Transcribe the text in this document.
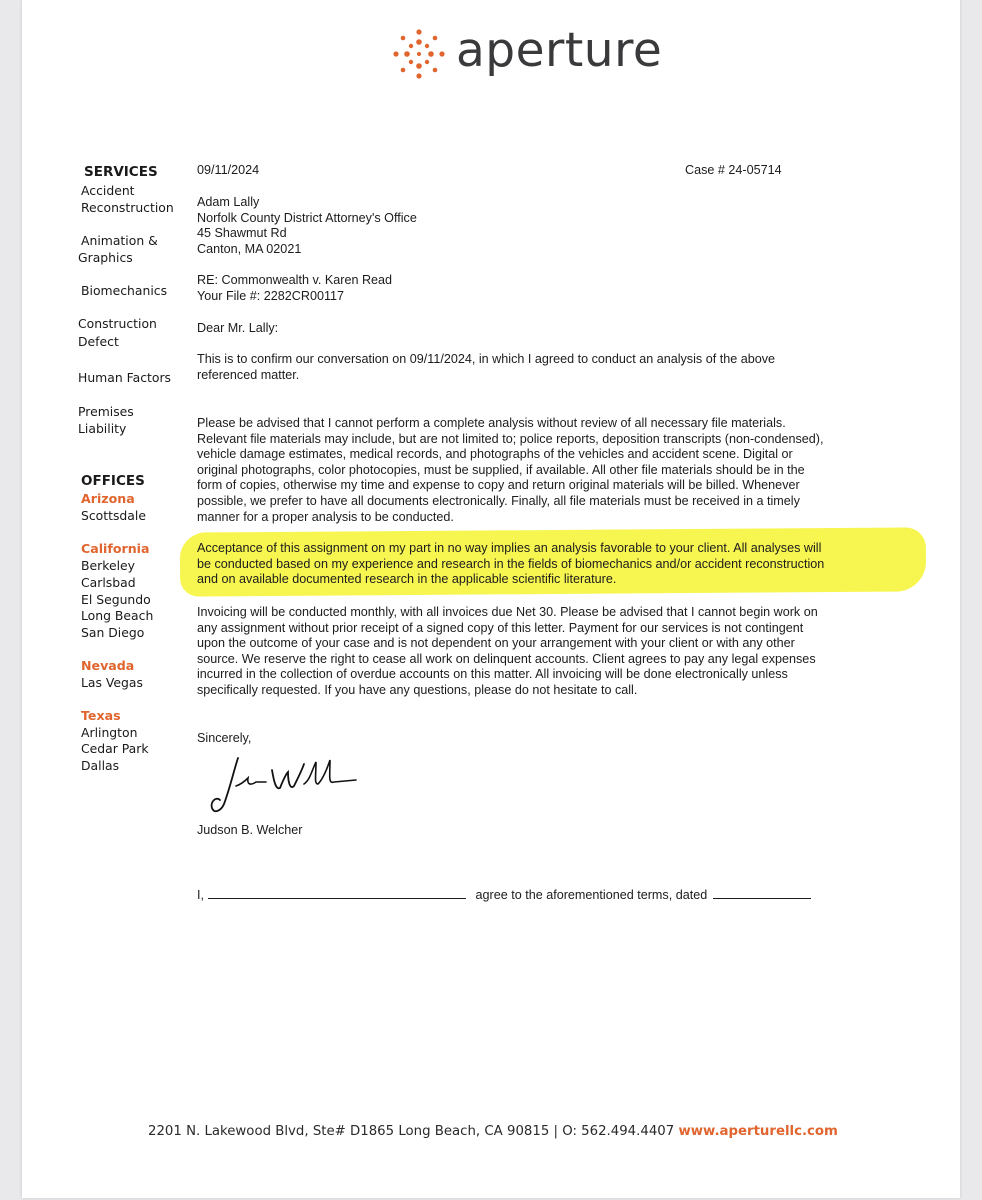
aperture
SERVICES
Accident
Reconstruction
Animation &
Graphics
Biomechanics
Construction
Defect
Human Factors
Premises
Liability
OFFICES
Arizona
Scottsdale
California
Berkeley
Carlsbad
El Segundo
Long Beach
San Diego
Nevada
Las Vegas
Texas
Arlington
Cedar Park
Dallas
09/11/2024	Case # 24-05714
Adam Lally
Norfolk County District Attorney's Office
45 Shawmut Rd
Canton, MA 02021
RE: Commonwealth v. Karen Read
Your File #: 2282CR00117
Dear Mr. Lally:
This is to confirm our conversation on 09/11/2024, in which I agreed to conduct an analysis of the above
referenced matter.
Please be advised that I cannot perform a complete analysis without review of all necessary file materials.
Relevant file materials may include, but are not limited to; police reports, deposition transcripts (non-condensed),
vehicle damage estimates, medical records, and photographs of the vehicles and accident scene. Digital or
original photographs, color photocopies, must be supplied, if available. All other file materials should be in the
form of copies, otherwise my time and expense to copy and return original materials will be billed. Whenever
possible, we prefer to have all documents electronically. Finally, all file materials must be received in a timely
manner for a proper analysis to be conducted.
Acceptance of this assignment on my part in no way implies an analysis favorable to your client. All analyses will
be conducted based on my experience and research in the fields of biomechanics and/or accident reconstruction
and on available documented research in the applicable scientific literature.
Invoicing will be conducted monthly, with all invoices due Net 30. Please be advised that I cannot begin work on
any assignment without prior receipt of a signed copy of this letter. Payment for our services is not contingent
upon the outcome of your case and is not dependent on your arrangement with your client or with any other
source. We reserve the right to cease all work on delinquent accounts. Client agrees to pay any legal expenses
incurred in the collection of overdue accounts on this matter. All invoicing will be done electronically unless
specifically requested. If you have any questions, please do not hesitate to call.
Sincerely,
Judson B. Welcher
I,	agree to the aforementioned terms, dated
2201 N. Lakewood Blvd, Ste# D1865 Long Beach, CA 90815 | O: 562.494.4407 www.aperturellc.com
